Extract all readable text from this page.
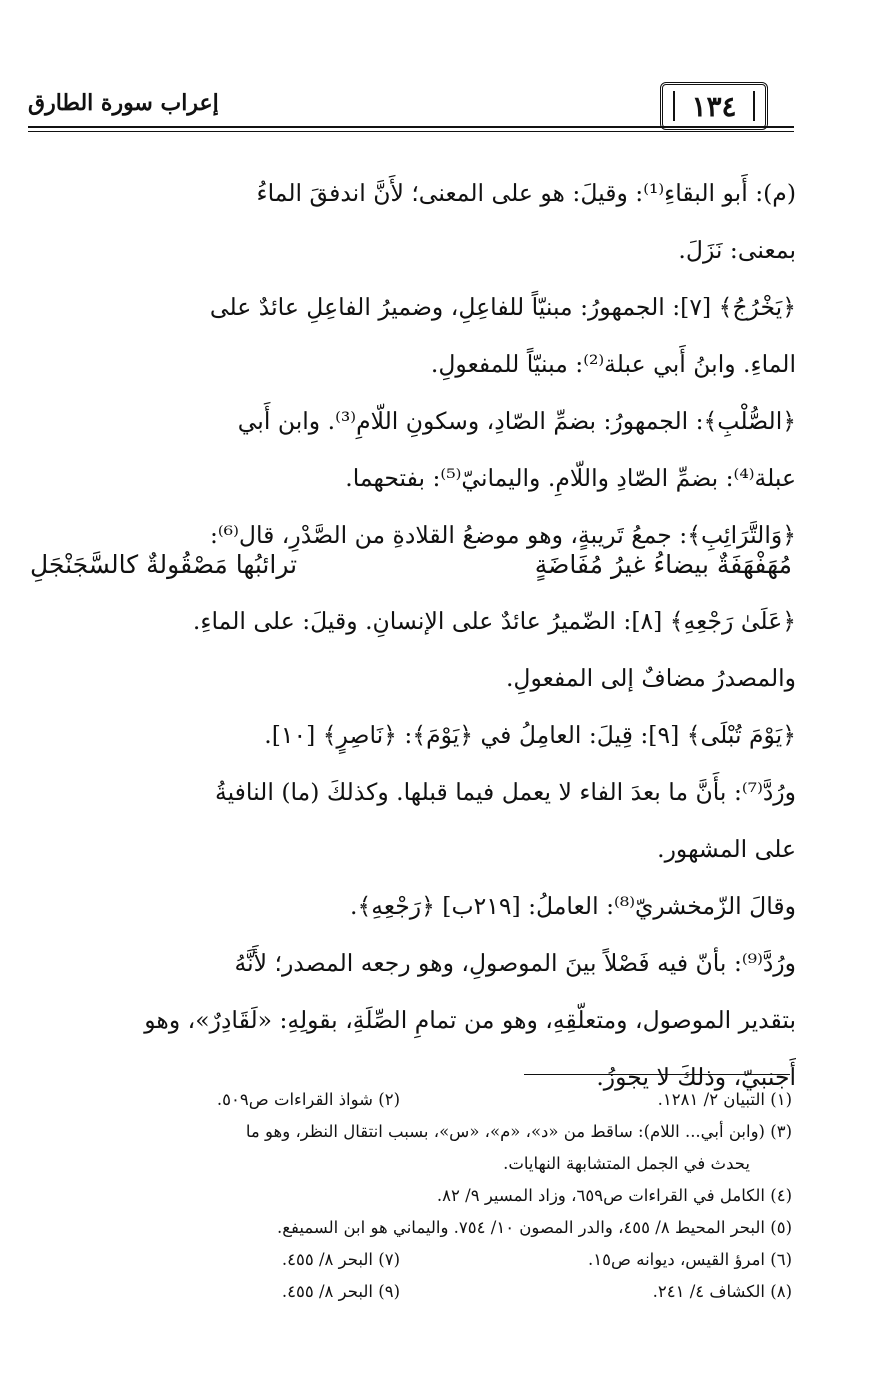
١٣٤
إعراب سورة الطارق
(م): أَبو البقاءِ⁽¹⁾: وقيلَ: هو على المعنى؛ لأَنَّ اندفقَ الماءُ
بمعنى: نَزَلَ.
﴿يَخْرُجُ﴾ [٧]: الجمهورُ: مبنيّاً للفاعِلِ، وضميرُ الفاعِلِ عائدٌ على
الماءِ. وابنُ أَبي عبلة⁽²⁾: مبنيّاً للمفعولِ.
﴿الصُّلْبِ﴾: الجمهورُ: بضمِّ الصّادِ، وسكونِ اللّامِ⁽³⁾. وابن أَبي
عبلة⁽⁴⁾: بضمِّ الصّادِ واللّامِ. واليمانيّ⁽⁵⁾: بفتحهما.
﴿وَالتَّرَائِبِ﴾: جمعُ تَريبةٍ، وهو موضعُ القلادةِ من الصَّدْرِ، قال⁽⁶⁾:
مُهَفْهَفَةٌ بيضاءُ غيرُ مُفَاضَةٍ
ترائبُها مَصْقُولةٌ كالسَّجَنْجَلِ
﴿عَلَىٰ رَجْعِهِ﴾ [٨]: الضّميرُ عائدٌ على الإنسانِ. وقيلَ: على الماءِ.
والمصدرُ مضافٌ إلى المفعولِ.
﴿يَوْمَ تُبْلَى﴾ [٩]: قِيلَ: العامِلُ في ﴿يَوْمَ﴾: ﴿نَاصِرٍ﴾ [١٠].
ورُدَّ⁽⁷⁾: بأَنَّ ما بعدَ الفاء لا يعمل فيما قبلها. وكذلكَ (ما) النافيةُ
على المشهور.
وقالَ الزّمخشريّ⁽⁸⁾: العاملُ: [٢١٩ب] ﴿رَجْعِهِ﴾.
ورُدَّ⁽⁹⁾: بأنّ فيه فَصْلاً بينَ الموصولِ، وهو رجعه المصدر؛ لأَنَّهُ
بتقدير الموصول، ومتعلّقِهِ، وهو من تمامِ الصِّلَةِ، بقولِهِ: «لَقَادِرٌ»، وهو
أَجنبيّ، وذلكَ لا يجوزُ.
(١) التبيان ٢/ ١٢٨١.
(٢) شواذ القراءات ص٥٠٩.
(٣) (وابن أبي... اللام): ساقط من «د»، «م»، «س»، بسبب انتقال النظر، وهو ما
يحدث في الجمل المتشابهة النهايات.
(٤) الكامل في القراءات ص٦٥٩، وزاد المسير ٩/ ٨٢.
(٥) البحر المحيط ٨/ ٤٥٥، والدر المصون ١٠/ ٧٥٤. واليماني هو ابن السميفع.
(٦) امرؤ القيس، ديوانه ص١٥.
(٧) البحر ٨/ ٤٥٥.
(٨) الكشاف ٤/ ٢٤١.
(٩) البحر ٨/ ٤٥٥.
